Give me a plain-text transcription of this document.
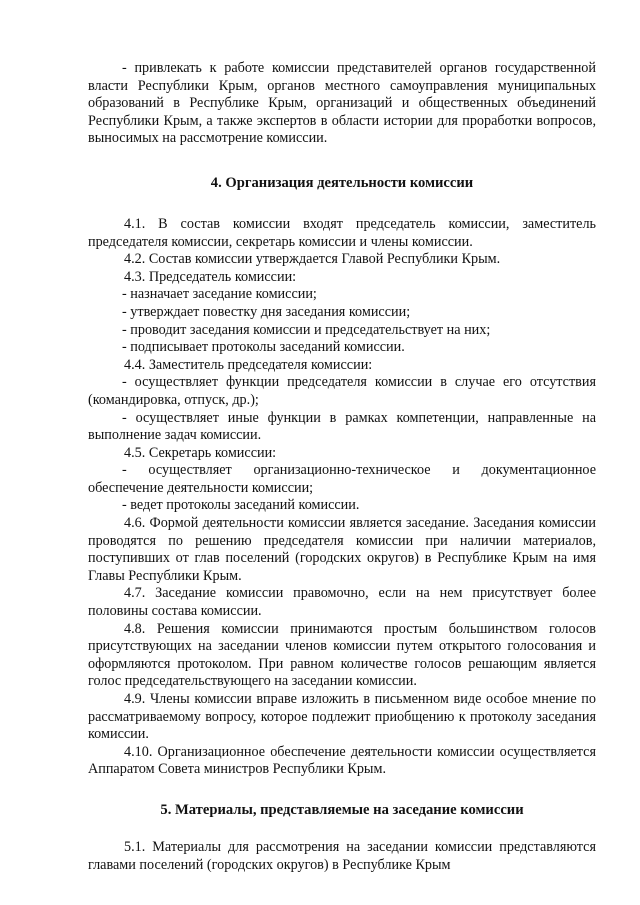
- привлекать к работе комиссии представителей органов государственной власти Республики Крым, органов местного самоуправления муниципальных образований в Республике Крым, организаций и общественных объединений Республики Крым, а также экспертов в области истории для проработки вопросов, выносимых на рассмотрение комиссии.

4. Организация деятельности комиссии

4.1. В состав комиссии входят председатель комиссии, заместитель председателя комиссии, секретарь комиссии и члены комиссии.

4.2. Состав комиссии утверждается Главой Республики Крым.

4.3. Председатель комиссии:

- назначает заседание комиссии;

- утверждает повестку дня заседания комиссии;

- проводит заседания комиссии и председательствует на них;

- подписывает протоколы заседаний комиссии.

4.4. Заместитель председателя комиссии:

- осуществляет функции председателя комиссии в случае его отсутствия (командировка, отпуск, др.);

- осуществляет иные функции в рамках компетенции, направленные на выполнение задач комиссии.

4.5. Секретарь комиссии:

- осуществляет организационно-техническое и документационное обеспечение деятельности комиссии;

- ведет протоколы заседаний комиссии.

4.6. Формой деятельности комиссии является заседание. Заседания комиссии проводятся по решению председателя комиссии при наличии материалов, поступивших от глав поселений (городских округов) в Республике Крым на имя Главы Республики Крым.

4.7. Заседание комиссии правомочно, если на нем присутствует более половины состава комиссии.

4.8. Решения комиссии принимаются простым большинством голосов присутствующих на заседании членов комиссии путем открытого голосования и оформляются протоколом. При равном количестве голосов решающим является голос председательствующего на заседании комиссии.

4.9. Члены комиссии вправе изложить в письменном виде особое мнение по рассматриваемому вопросу, которое подлежит приобщению к протоколу заседания комиссии.

4.10. Организационное обеспечение деятельности комиссии осуществляется Аппаратом Совета министров Республики Крым.

5. Материалы, представляемые на заседание комиссии

5.1. Материалы для рассмотрения на заседании комиссии представляются главами поселений (городских округов) в Республике Крым
